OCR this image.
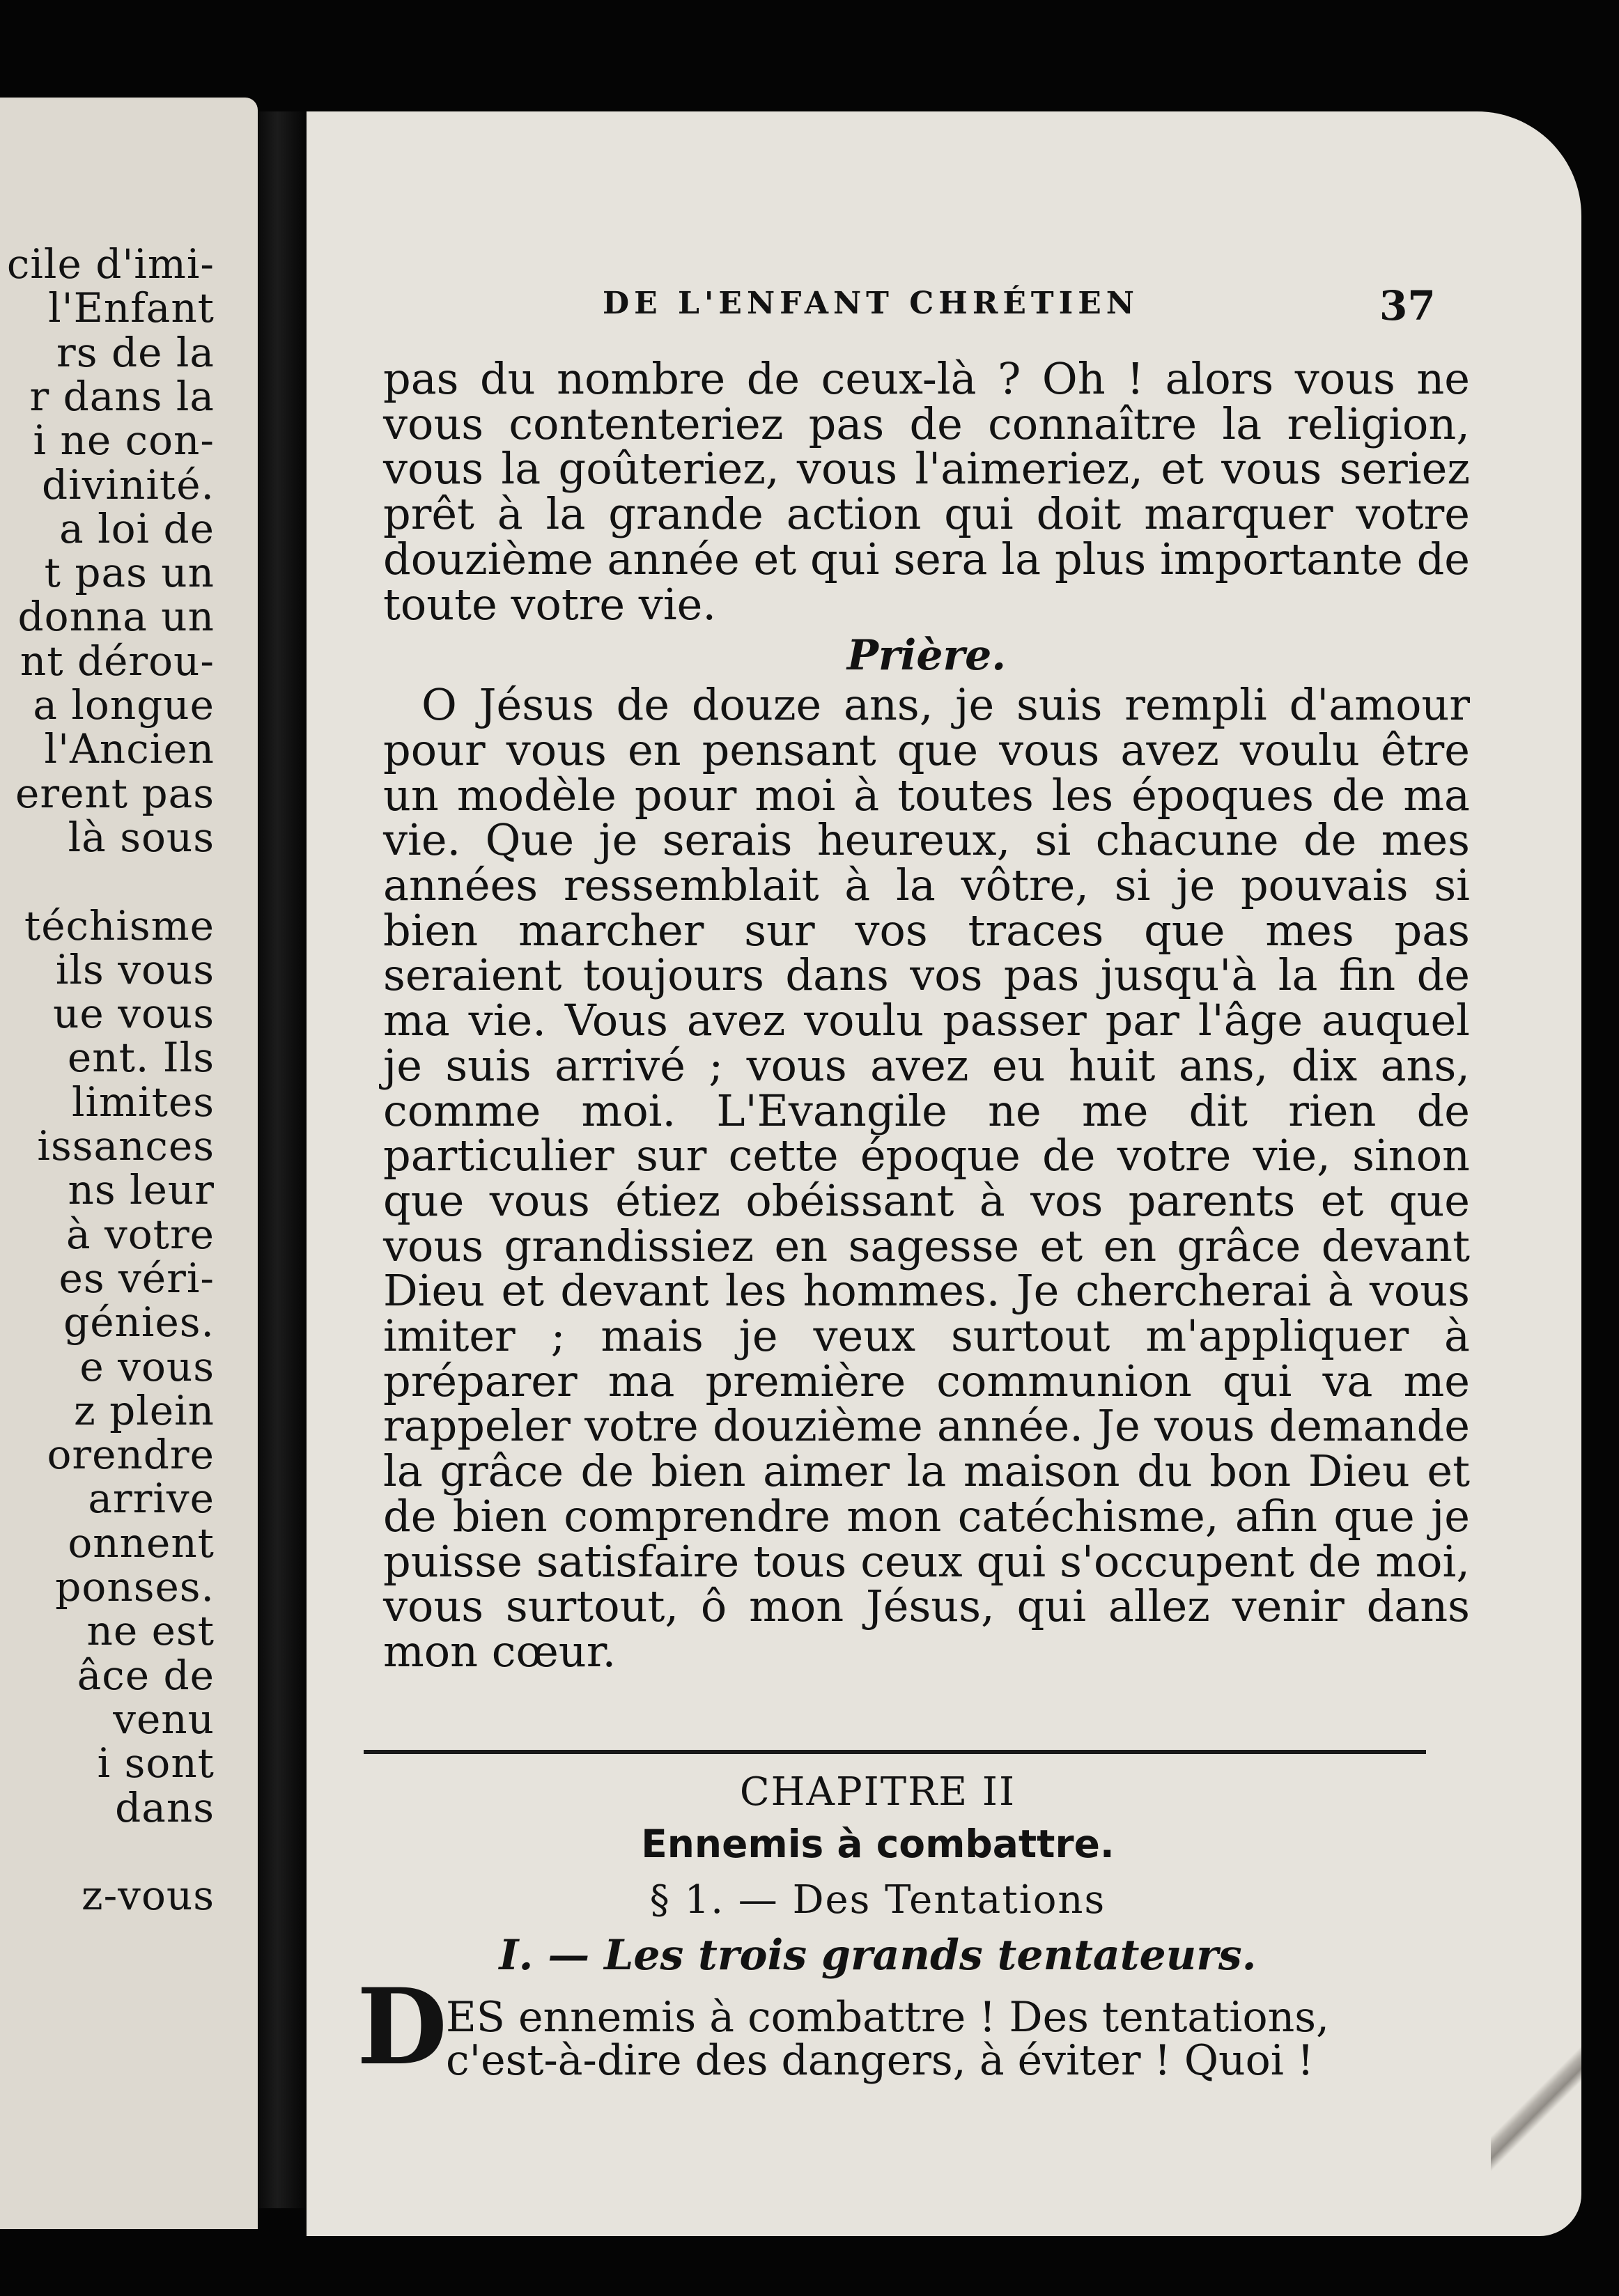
cile d'imi-
l'Enfant
rs de la
r dans la
i ne con-
divinité.
a loi de
t pas un
donna un
nt dérou-
a longue
l'Ancien
erent pas
là sous
téchisme
ils vous
ue vous
ent. Ils
limites
issances
ns leur
à votre
es véri-
génies.
e vous
z plein
orendre
arrive
onnent
ponses.
ne est
âce de
venu
i sont
dans
z-vous
DE L'ENFANT CHRÉTIEN	37

pas du nombre de ceux-là ? Oh ! alors vous ne vous contenteriez pas de connaître la religion, vous la goûteriez, vous l'aimeriez, et vous seriez prêt à la grande action qui doit marquer votre douzième année et qui sera la plus importante de toute votre vie.

Prière.

O Jésus de douze ans, je suis rempli d'amour pour vous en pensant que vous avez voulu être un modèle pour moi à toutes les époques de ma vie. Que je serais heureux, si chacune de mes années ressemblait à la vôtre, si je pouvais si bien marcher sur vos traces que mes pas seraient toujours dans vos pas jusqu'à la fin de ma vie. Vous avez voulu passer par l'âge auquel je suis arrivé ; vous avez eu huit ans, dix ans, comme moi. L'Evangile ne me dit rien de particulier sur cette époque de votre vie, sinon que vous étiez obéissant à vos parents et que vous grandissiez en sagesse et en grâce devant Dieu et devant les hommes. Je chercherai à vous imiter ; mais je veux surtout m'appliquer à préparer ma première communion qui va me rappeler votre douzième année. Je vous demande la grâce de bien aimer la maison du bon Dieu et de bien comprendre mon catéchisme, afin que je puisse satisfaire tous ceux qui s'occupent de moi, vous surtout, ô mon Jésus, qui allez venir dans mon cœur.

CHAPITRE II
Ennemis à combattre.
§ 1. — Des Tentations
I. — Les trois grands tentateurs.
D

ES ennemis à combattre ! Des tentations,

c'est-à-dire des dangers, à éviter ! Quoi !
